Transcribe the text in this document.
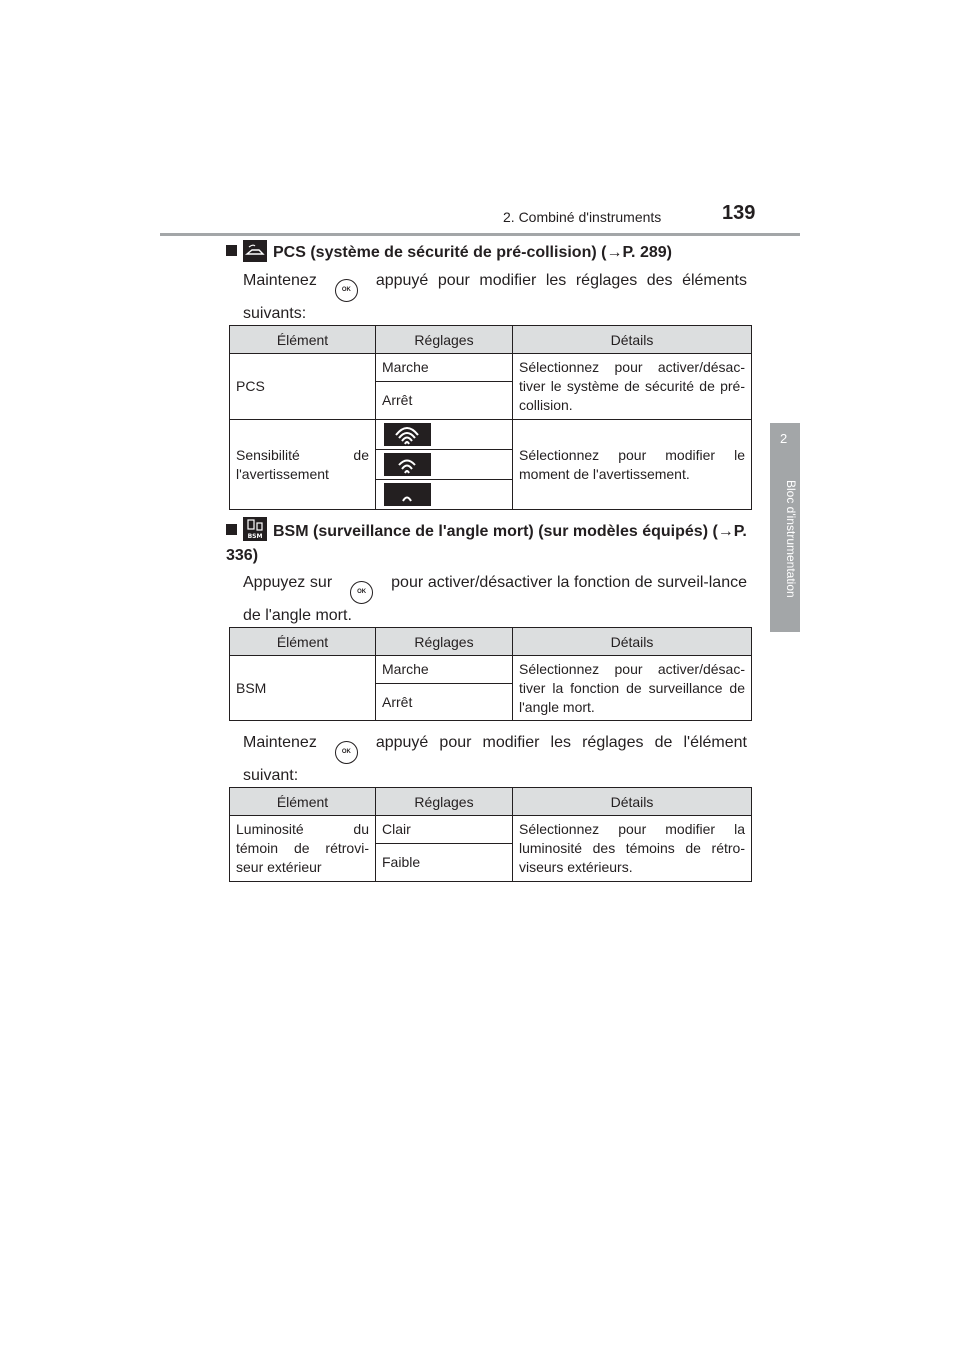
2. Combiné d'instruments	139
2
Bloc d'instrumentation
PCS (système de sécurité de pré-collision) (→P. 289)
MaintenezOKappuyé pour modifier les réglages des éléments suivants:
Élément	Réglages	Détails
PCS	Marche	Sélectionnez pour activer/désac-tiver le système de sécurité de pré-collision.
	Arrêt	
Sensibilité de l'avertissement		Sélectionnez pour modifier le moment de l'avertissement.

BSM BSM (surveillance de l'angle mort) (sur modèles équipés) (→P. 336)
Appuyez surOKpour activer/désactiver la fonction de surveil-lance de l'angle mort.
Élément	Réglages	Détails
BSM	Marche	Sélectionnez pour activer/désac-tiver la fonction de surveillance de l'angle mort.
	Arrêt	
MaintenezOKappuyé pour modifier les réglages de l'élément suivant:
Élément	Réglages	Détails
Luminosité du témoin de rétrovi-seur extérieur	Clair	Sélectionnez pour modifier la luminosité des témoins de rétro-viseurs extérieurs.
	Faible	
